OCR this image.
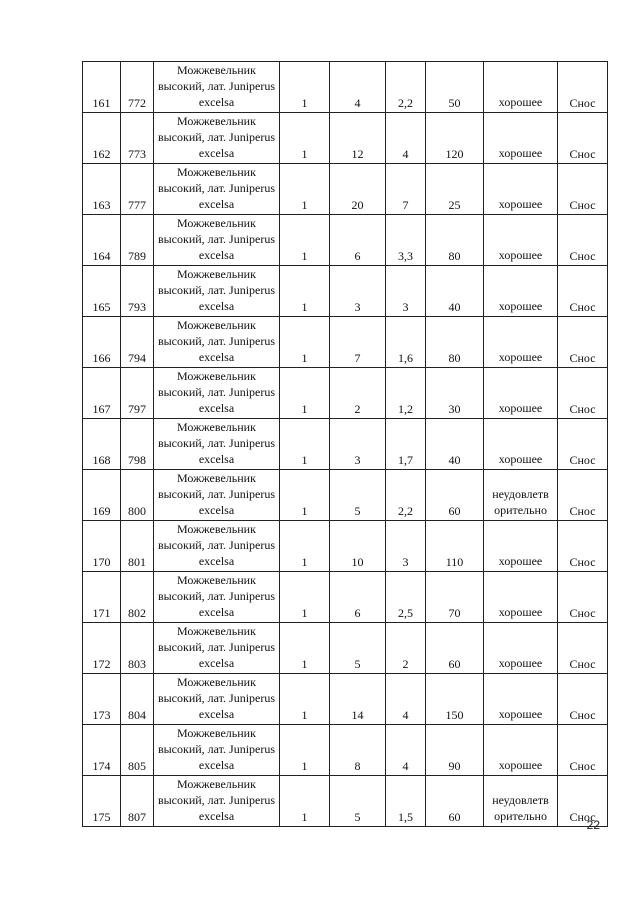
161	772	Можжевельник высокий, лат. Juniperus excelsa	1	4	2,2	50	хорошее	Снос
162	773	Можжевельник высокий, лат. Juniperus excelsa	1	12	4	120	хорошее	Снос
163	777	Можжевельник высокий, лат. Juniperus excelsa	1	20	7	25	хорошее	Снос
164	789	Можжевельник высокий, лат. Juniperus excelsa	1	6	3,3	80	хорошее	Снос
165	793	Можжевельник высокий, лат. Juniperus excelsa	1	3	3	40	хорошее	Снос
166	794	Можжевельник высокий, лат. Juniperus excelsa	1	7	1,6	80	хорошее	Снос
167	797	Можжевельник высокий, лат. Juniperus excelsa	1	2	1,2	30	хорошее	Снос
168	798	Можжевельник высокий, лат. Juniperus excelsa	1	3	1,7	40	хорошее	Снос
169	800	Можжевельник высокий, лат. Juniperus excelsa	1	5	2,2	60	неудовлетв орительно	Снос
170	801	Можжевельник высокий, лат. Juniperus excelsa	1	10	3	110	хорошее	Снос
171	802	Можжевельник высокий, лат. Juniperus excelsa	1	6	2,5	70	хорошее	Снос
172	803	Можжевельник высокий, лат. Juniperus excelsa	1	5	2	60	хорошее	Снос
173	804	Можжевельник высокий, лат. Juniperus excelsa	1	14	4	150	хорошее	Снос
174	805	Можжевельник высокий, лат. Juniperus excelsa	1	8	4	90	хорошее	Снос
175	807	Можжевельник высокий, лат. Juniperus excelsa	1	5	1,5	60	неудовлетв орительно	Снос
22
